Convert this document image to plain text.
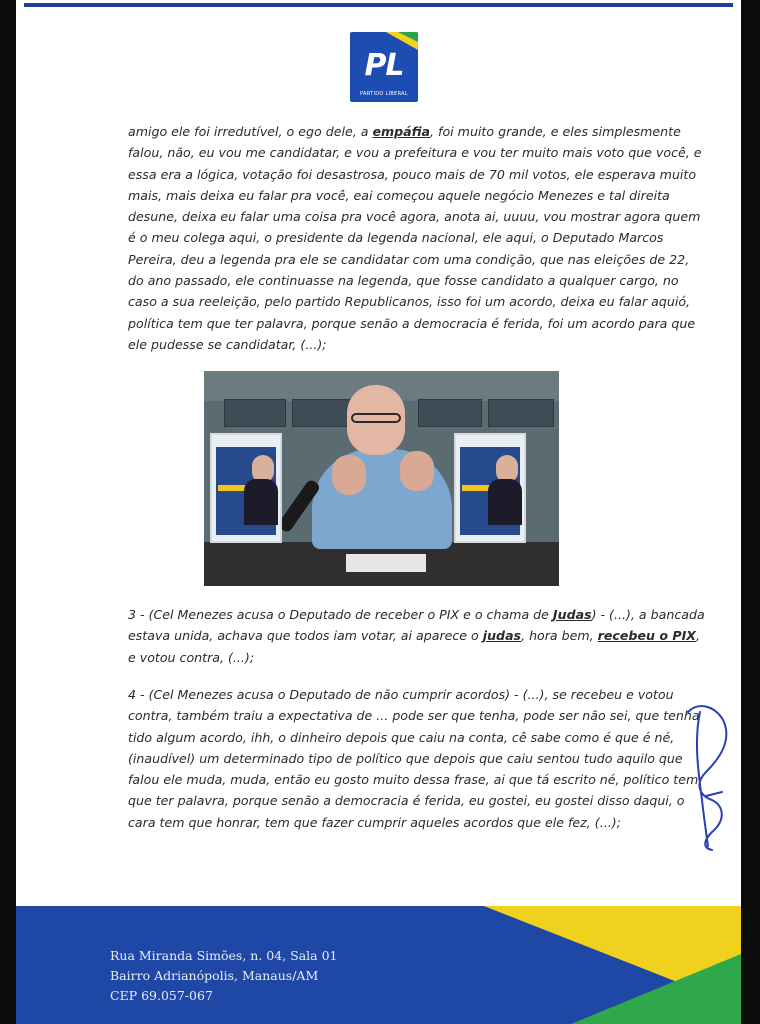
PL
PARTIDO LIBERAL

amigo ele foi irredutível, o ego dele, a empáfia, foi muito grande, e eles simplesmente falou, não, eu vou me candidatar, e vou a prefeitura e vou ter muito mais voto que você, e essa era a lógica, votação foi desastrosa, pouco mais de 70 mil votos, ele esperava muito mais, mais deixa eu falar pra você, eai começou aquele negócio Menezes e tal direita desune, deixa eu falar uma coisa pra você agora, anota ai, uuuu, vou mostrar agora quem é o meu colega aqui, o presidente da legenda nacional, ele aqui, o Deputado Marcos Pereira, deu a legenda pra ele se candidatar com uma condição, que nas eleições de 22, do ano passado, ele continuasse na legenda, que fosse candidato a qualquer cargo, no caso a sua reeleição, pelo partido Republicanos, isso foi um acordo, deixa eu falar aquió, política tem que ter palavra, porque senão a democracia é ferida, foi um acordo para que ele pudesse se candidatar, (...);

3 - (Cel Menezes acusa o Deputado de receber o PIX e o chama de Judas) - (...), a bancada estava unida, achava que todos iam votar, ai aparece o judas, hora bem, recebeu o PIX, e votou contra, (...);

4 - (Cel Menezes acusa o Deputado de não cumprir acordos) - (...), se recebeu e votou contra, também traiu a expectativa de ... pode ser que tenha, pode ser não sei, que tenha tido algum acordo, ihh, o dinheiro depois que caiu na conta, cê sabe como é que é né, (inaudível) um determinado tipo de político que depois que caiu sentou tudo aquilo que falou ele muda, muda, então eu gosto muito dessa frase, ai que tá escrito né, político tem que ter palavra, porque senão a democracia é ferida, eu gostei, eu gostei disso daqui, o cara tem que honrar, tem que fazer cumprir aqueles acordos que ele fez, (...);

Rua Miranda Simões, n. 04, Sala 01
Bairro Adrianópolis, Manaus/AM
CEP 69.057-067
